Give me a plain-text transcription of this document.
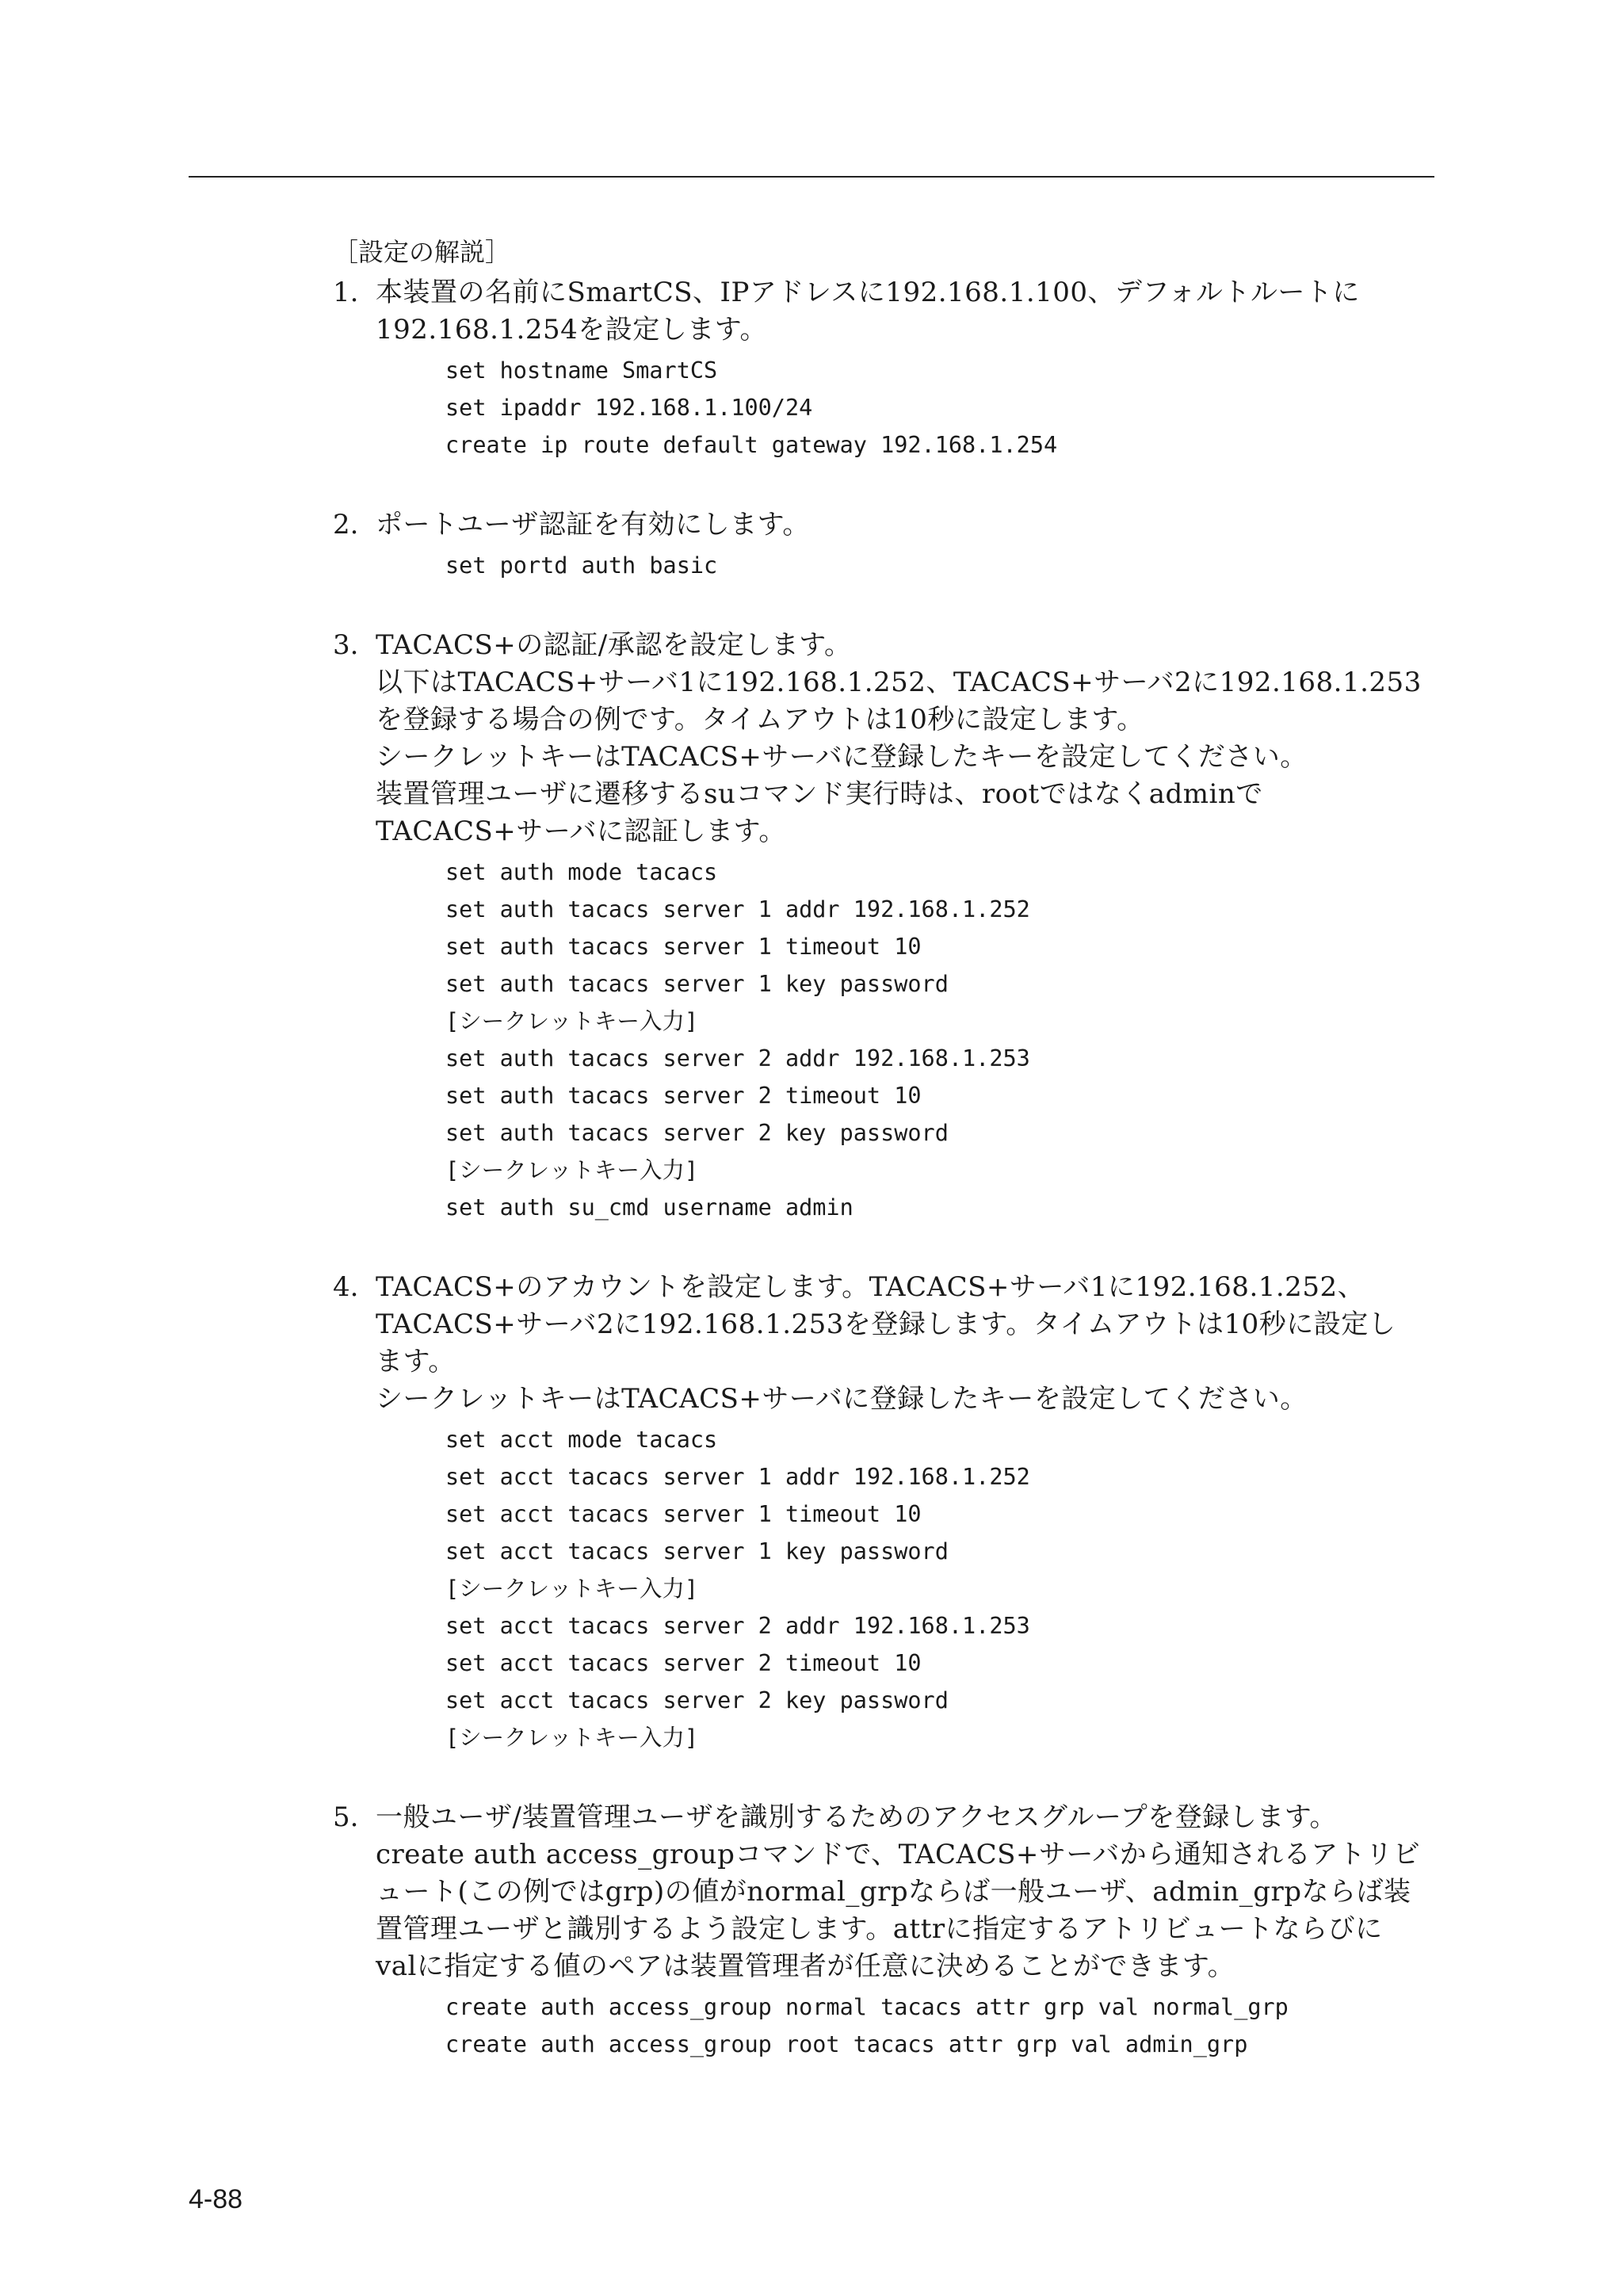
［設定の解説］
1. 本装置の名前にSmartCS、IPアドレスに192.168.1.100、デフォルトルートに 192.168.1.254を設定します。
set hostname SmartCS
set ipaddr 192.168.1.100/24
create ip route default gateway 192.168.1.254
2. ポートユーザ認証を有効にします。
set portd auth basic
3. TACACS+の認証/承認を設定します。
以下はTACACS+サーバ1に192.168.1.252、TACACS+サーバ2に192.168.1.253を登録する場合の例です。タイムアウトは10秒に設定します。
シークレットキーはTACACS+サーバに登録したキーを設定してください。
装置管理ユーザに遷移するsuコマンド実行時は、rootではなくadminでTACACS+サーバに認証します。
set auth mode tacacs
set auth tacacs server 1 addr 192.168.1.252
set auth tacacs server 1 timeout 10
set auth tacacs server 1 key password
[シークレットキー入力]
set auth tacacs server 2 addr 192.168.1.253
set auth tacacs server 2 timeout 10
set auth tacacs server 2 key password
[シークレットキー入力]
set auth su_cmd username admin
4. TACACS+のアカウントを設定します。TACACS+サーバ1に192.168.1.252、TACACS+サーバ2に192.168.1.253を登録します。タイムアウトは10秒に設定します。
シークレットキーはTACACS+サーバに登録したキーを設定してください。
set acct mode tacacs
set acct tacacs server 1 addr 192.168.1.252
set acct tacacs server 1 timeout 10
set acct tacacs server 1 key password
[シークレットキー入力]
set acct tacacs server 2 addr 192.168.1.253
set acct tacacs server 2 timeout 10
set acct tacacs server 2 key password
[シークレットキー入力]
5. 一般ユーザ/装置管理ユーザを識別するためのアクセスグループを登録します。
create auth access_groupコマンドで、TACACS+サーバから通知されるアトリビュート(この例ではgrp)の値がnormal_grpならば一般ユーザ、admin_grpならば装置管理ユーザと識別するよう設定します。attrに指定するアトリビュートならびにvalに指定する値のペアは装置管理者が任意に決めることができます。
create auth access_group normal tacacs attr grp val normal_grp
create auth access_group root tacacs attr grp val admin_grp
4-88
